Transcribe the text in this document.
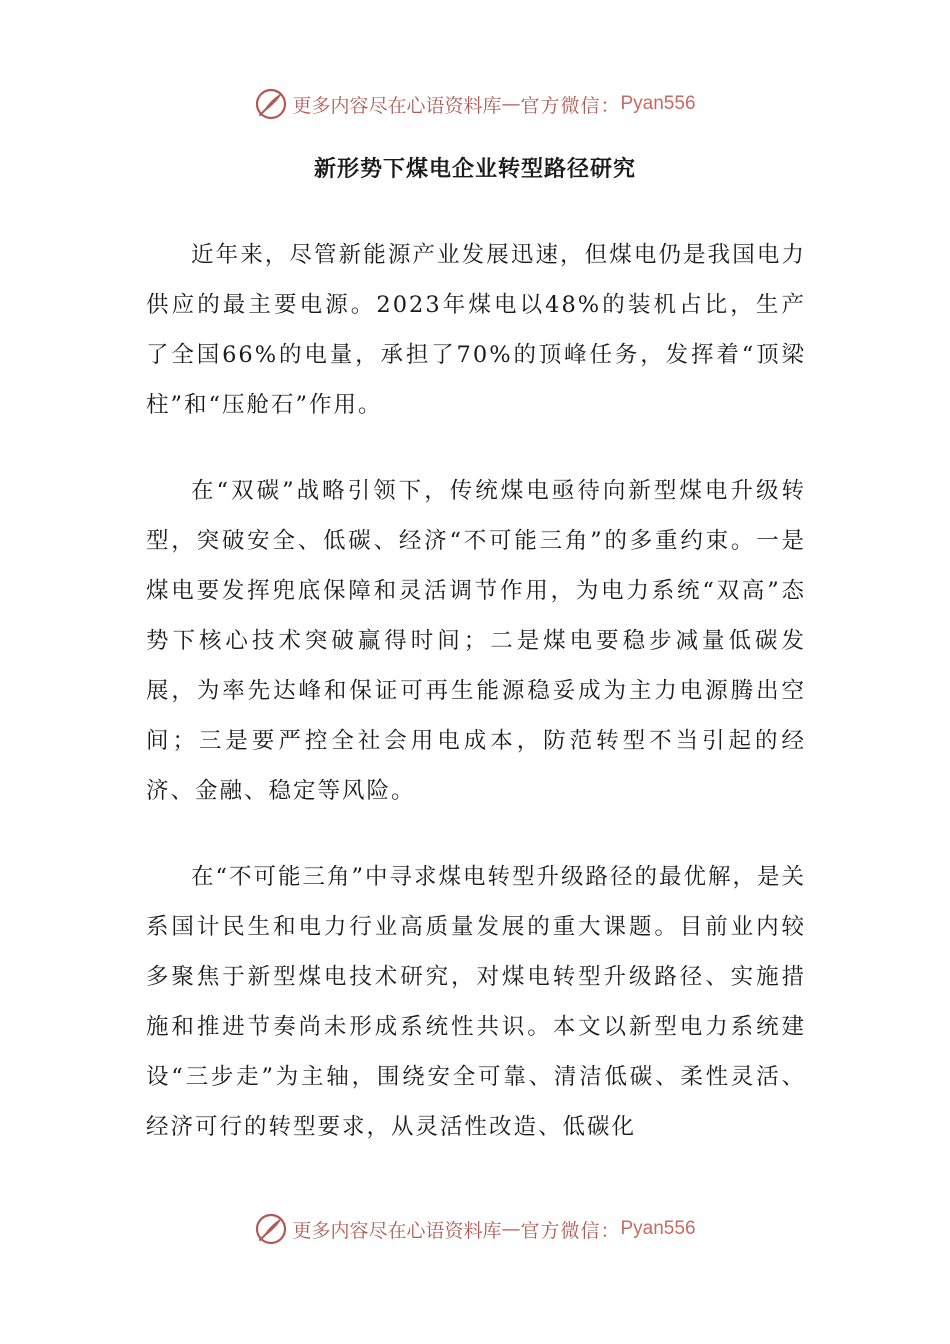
更多内容尽在心语资料库 — 官方微信： Pyan556
新形势下煤电企业转型路径研究

近年来，尽管新能源产业发展迅速，但煤电仍是我国电力供应的最主要电源。2023年煤电以48%的装机占比，生产了全国66%的电量，承担了70%的顶峰任务，发挥着“顶梁柱”和“压舱石”作用。

在“双碳”战略引领下，传统煤电亟待向新型煤电升级转型，突破安全、低碳、经济“不可能三角”的多重约束。一是煤电要发挥兜底保障和灵活调节作用，为电力系统“双高”态势下核心技术突破赢得时间；二是煤电要稳步减量低碳发展，为率先达峰和保证可再生能源稳妥成为主力电源腾出空间；三是要严控全社会用电成本，防范转型不当引起的经济、金融、稳定等风险。

在“不可能三角”中寻求煤电转型升级路径的最优解，是关系国计民生和电力行业高质量发展的重大课题。目前业内较多聚焦于新型煤电技术研究，对煤电转型升级路径、实施措施和推进节奏尚未形成系统性共识。本文以新型电力系统建设“三步走”为主轴，围绕安全可靠、清洁低碳、柔性灵活、经济可行的转型要求，从灵活性改造、低碳化

更多内容尽在心语资料库 — 官方微信： Pyan556
